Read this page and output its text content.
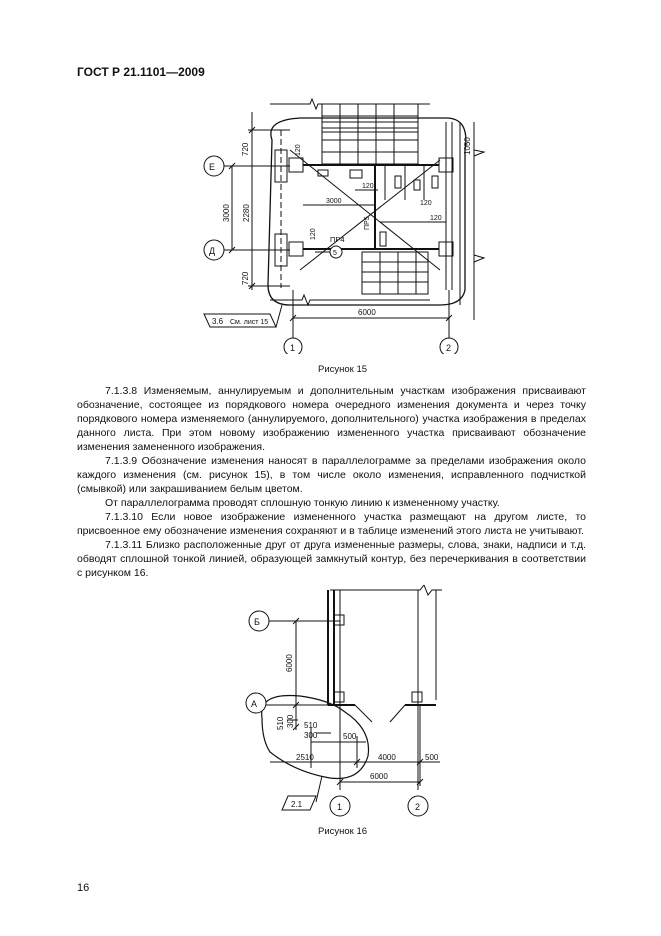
ГОСТ Р 21.1101—2009
Е
Д
1	2
5
ПР4
ПР5
720	120	1050
3000 2280
120
3000
120
120
120
720
6000
3.6 См. лист 15
Рисунок 15

7.1.3.8 Изменяемым, аннулируемым и дополнительным участкам изображения присваивают обозначение, состоящее из порядкового номера очередного изменения документа и через точку порядкового номера изменяемого (аннулируемого, дополнительного) участка изображения в пределах данного листа. При этом новому изображению измененного участка присваивают обозначение изменения замененного изображения.

7.1.3.9 Обозначение изменения наносят в параллелограмме за пределами изображения около каждого изменения (см. рисунок 15), в том числе около изменения, исправленного подчисткой (смывкой) или закрашиванием белым цветом.

От параллелограмма проводят сплошную тонкую линию к измененному участку.

7.1.3.10 Если новое изображение измененного участка размещают на другом листе, то присвоенное ему обозначение изменения сохраняют и в таблице изменений этого листа не учитывают.

7.1.3.11 Близко расположенные друг от друга измененные размеры, слова, знаки, надписи и т.д. обводят сплошной тонкой линией, образующей замкнутый контур, без перечеркивания в соответствии с рисунком 16.

Б
А
1	2
6000
510 300 510
300	500
2510	4000	500
6000
2.1
Рисунок 16
16
